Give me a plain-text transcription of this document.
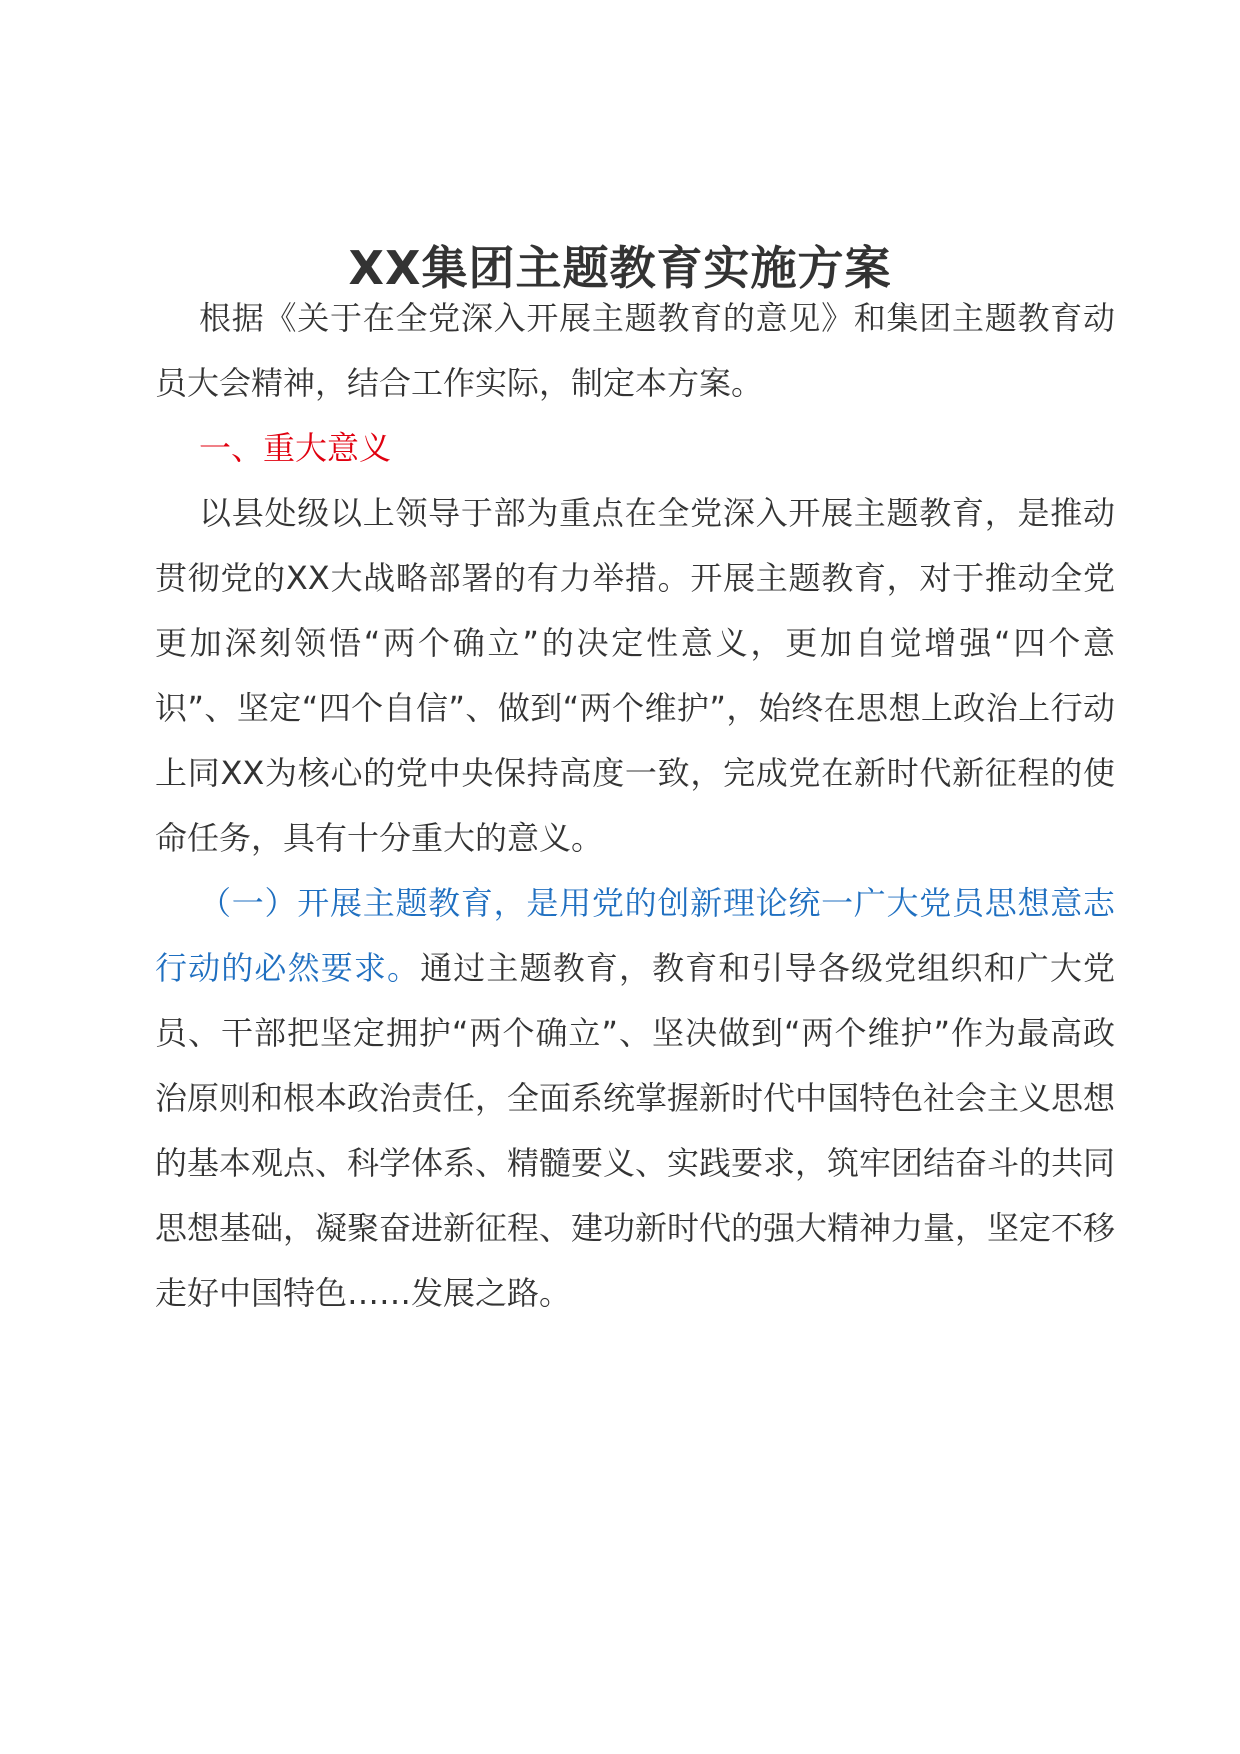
XX集团主题教育实施方案

根据《关于在全党深入开展主题教育的意见》和集团主题教育动员大会精神，结合工作实际，制定本方案。

一、重大意义

以县处级以上领导于部为重点在全党深入开展主题教育，是推动贯彻党的XX大战略部署的有力举措。开展主题教育，对于推动全党更加深刻领悟“两个确立”的决定性意义，更加自觉增强“四个意识”、坚定“四个自信”、做到“两个维护”，始终在思想上政治上行动上同XX为核心的党中央保持高度一致，完成党在新时代新征程的使命任务，具有十分重大的意义。

（一）开展主题教育，是用党的创新理论统一广大党员思想意志行动的必然要求。通过主题教育，教育和引导各级党组织和广大党员、干部把坚定拥护“两个确立”、坚决做到“两个维护”作为最高政治原则和根本政治责任，全面系统掌握新时代中国特色社会主义思想的基本观点、科学体系、精髓要义、实践要求，筑牢团结奋斗的共同思想基础，凝聚奋进新征程、建功新时代的强大精神力量，坚定不移走好中国特色……发展之路。
